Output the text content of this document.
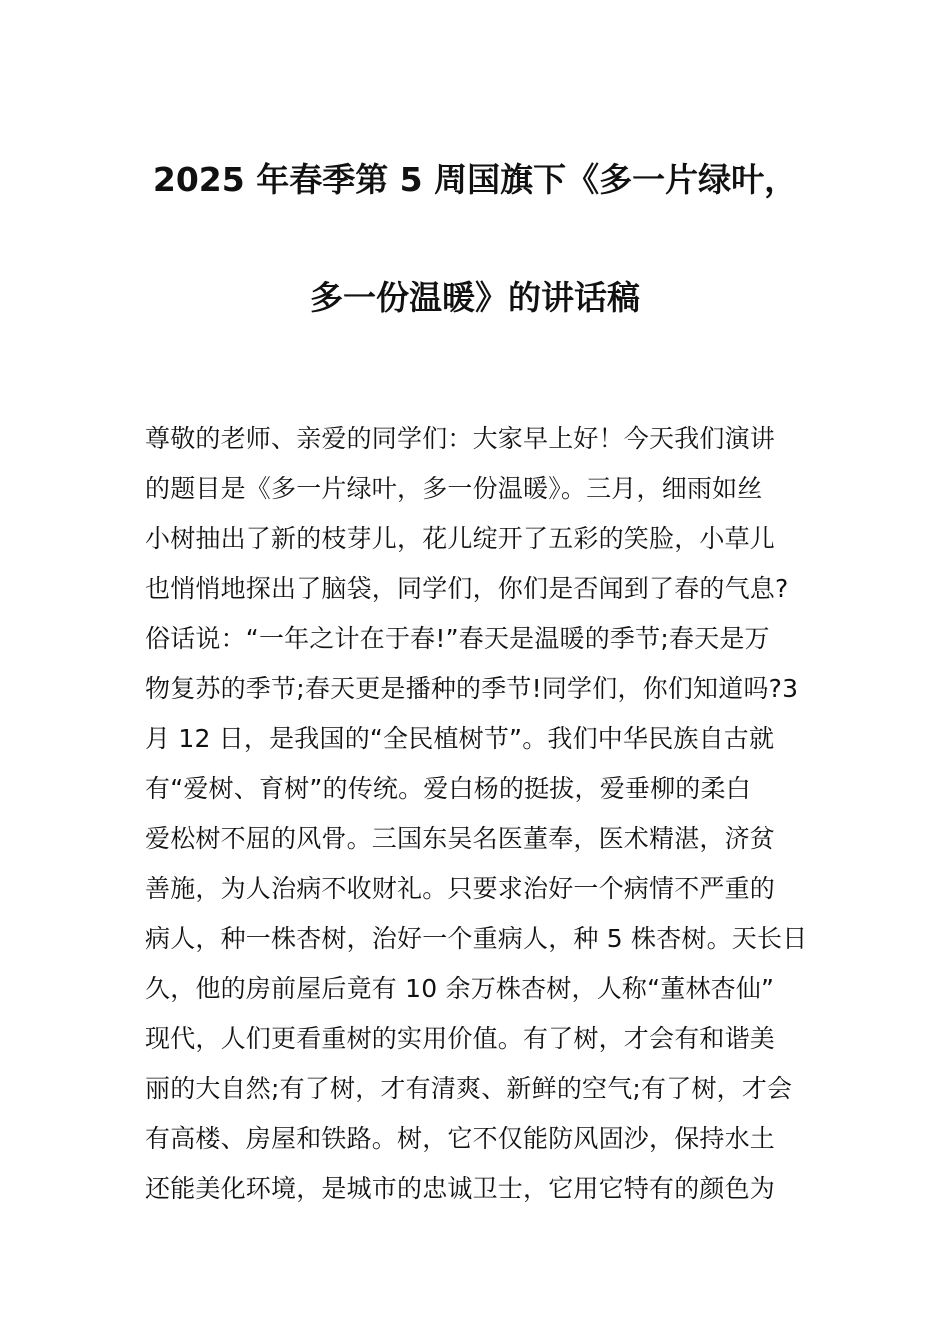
2025 年春季第 5 周国旗下《多一片绿叶，
多一份温暖》的讲话稿
尊敬的老师、亲爱的同学们：大家早上好！今天我们演讲
的题目是《多一片绿叶，多一份温暖》。三月，细雨如丝
小树抽出了新的枝芽儿，花儿绽开了五彩的笑脸，小草儿
也悄悄地探出了脑袋，同学们，你们是否闻到了春的气息?
俗话说：“一年之计在于春!”春天是温暖的季节;春天是万
物复苏的季节;春天更是播种的季节!同学们，你们知道吗?3
月 12 日，是我国的“全民植树节”。我们中华民族自古就
有“爱树、育树”的传统。爱白杨的挺拔，爱垂柳的柔白
爱松树不屈的风骨。三国东吴名医董奉，医术精湛，济贫
善施，为人治病不收财礼。只要求治好一个病情不严重的
病人，种一株杏树，治好一个重病人，种 5 株杏树。天长日
久，他的房前屋后竟有 10 余万株杏树，人称“董林杏仙”
现代，人们更看重树的实用价值。有了树，才会有和谐美
丽的大自然;有了树，才有清爽、新鲜的空气;有了树，才会
有高楼、房屋和铁路。树，它不仅能防风固沙，保持水土
还能美化环境，是城市的忠诚卫士，它用它特有的颜色为
